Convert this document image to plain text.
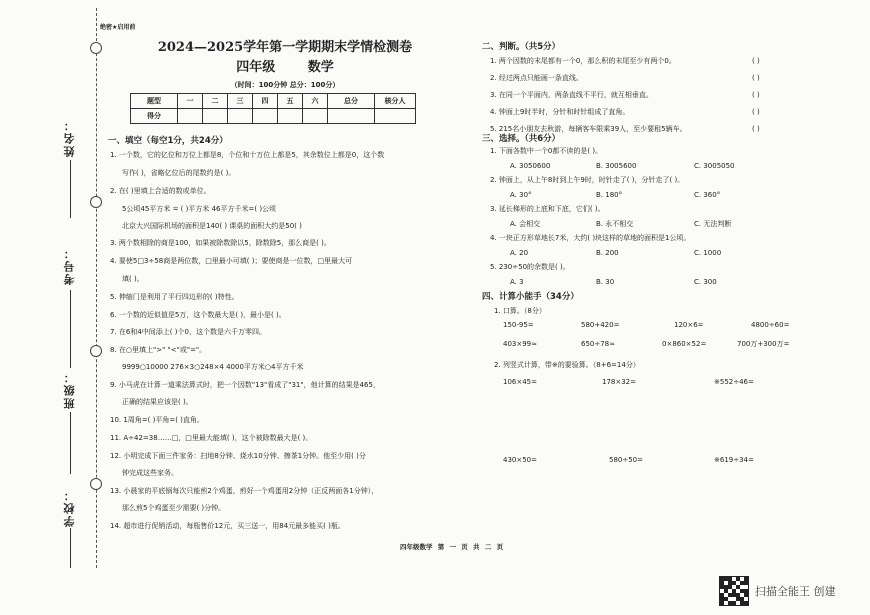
姓名：
考号：
班级：
学校：
绝密★启用前
2024—2025学年第一学期期末学情检测卷
四年级	数学
（时间：100分钟 总分：100分）
题型	一	二	三	四	五	六	总分	核分人
得分								
一、填空（每空1分，共24分）
1. 一个数，它的亿位和万位上都是8，个位和十万位上都是5，其余数位上都是0，这个数
写作( )，省略亿位后的尾数约是( )。
2. 在( )里填上合适的数或单位。
5公顷45平方米 = ( )平方米 46平方千米=( )公顷
北京大兴国际机场的面积是140( ) 课桌的面积大约是50( )
3. 两个数相除的商是100，如果被除数除以5，除数除5，那么商是( )。
4. 要使5□3÷58商是两位数，□里最小可填( )；要使商是一位数，□里最大可
填( )。
5. 伸缩门是利用了平行四边形的( )特性。
6. 一个数的近似值是5万，这个数最大是( )，最小是( )。
7. 在6和4中间添上( )个0，这个数是六千万零四。
8. 在○里填上">" "<"或"="。
9999○10000 276×3○248×4 4000平方米○4平方千米
9. 小马虎在计算一道乘法算式时，把一个因数"13"看成了"31"，他计算的结果是465，
正确的结果应该是( )。
10. 1周角=( )平角=( )直角。
11. A÷42=38……□，□里最大能填( )，这个被除数最大是( )。
12. 小明完成下面三件家务：扫地8分钟、烧水10分钟、擦茶1分钟。他至少用( )分
钟完成这些家务。
13. 小晨家的平底锅每次只能煎2个鸡蛋，煎好一个鸡蛋用2分钟（正反两面各1分钟），
那么煎5个鸡蛋至少需要( )分钟。
14. 超市进行促销活动，每瓶售价12元，买三送一，用84元最多能买( )瓶。
二、判断。（共5分）
1. 两个因数的末尾都有一个0，那么积的末尾至少有两个0。
2. 经过两点只能画一条直线。
3. 在同一个平面内，两条直线不平行，就互相垂直。
4. 钟面上9时半时，分针和时针组成了直角。
5. 215名小朋友去秋游，每辆客车限乘39人，至少要租5辆车。
( )
( )
( )
( )
( )
三、选择。（共6分）
1. 下面各数中一个0都不读的是( )。
A. 3050600	B. 3005600	C. 3005050
2. 钟面上，从上午8时到上午9时，时针走了( )，分针走了( )。
A. 30°	B. 180°	C. 360°
3. 延长梯形的上底和下底，它们( )。
A. 会相交	B. 永不相交	C. 无法判断
4. 一块正方形草地长7米，大约( )块这样的草地的面积是1公顷。
A. 20	B. 200	C. 1000
5. 230÷50的余数是( )。
A. 3	B. 30	C. 300
四、计算小能手（34分）
1. 口算。（8分）
150-95=	580+420=	120×6=	4800÷60=
403×99≈	650÷78≈	0×860×52=	700万+300万=
2. 列竖式计算，带※的要验算。（8+6=14分）
106×45=	178×32=	※552÷46=
430×50=	580÷50=	※619÷34=
四年级数学 第 一 页 共 二 页
扫描全能王 创建
